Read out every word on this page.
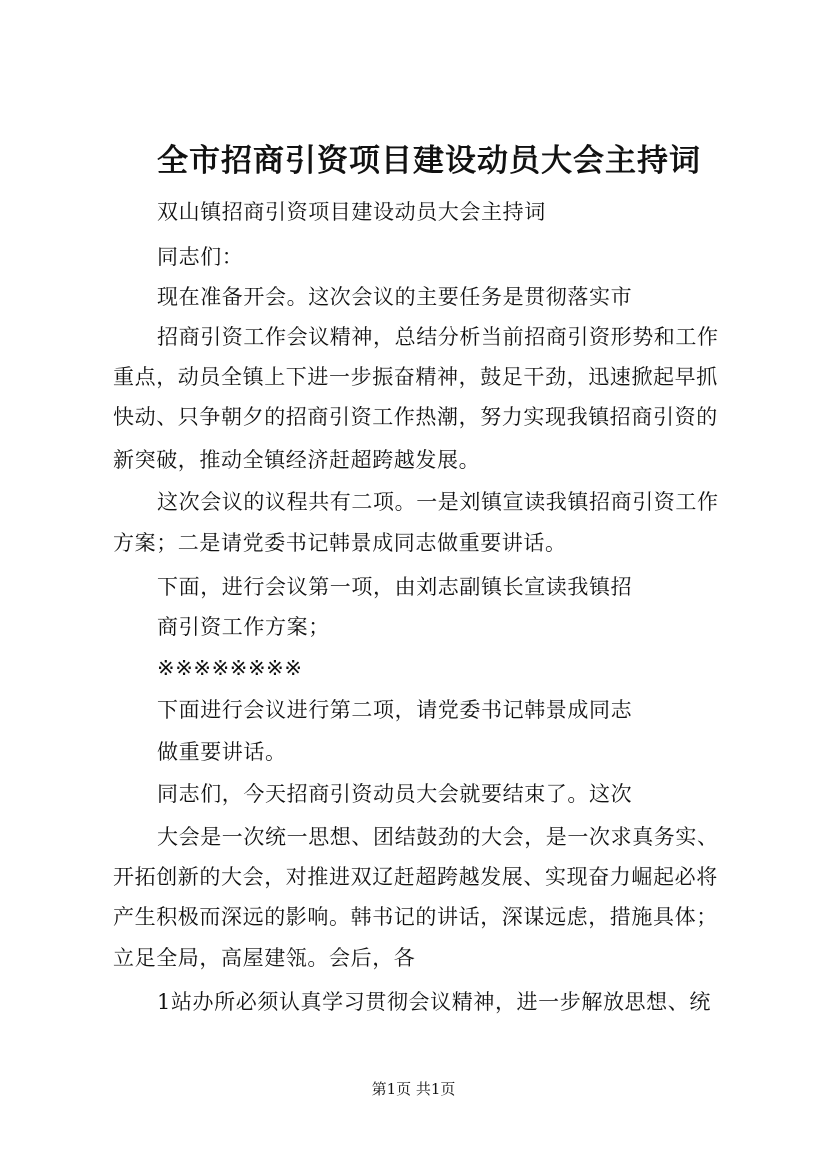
全市招商引资项目建设动员大会主持词
双山镇招商引资项目建设动员大会主持词
同志们：
现在准备开会。这次会议的主要任务是贯彻落实市
招商引资工作会议精神，总结分析当前招商引资形势和工作
重点，动员全镇上下进一步振奋精神，鼓足干劲，迅速掀起早抓
快动、只争朝夕的招商引资工作热潮，努力实现我镇招商引资的
新突破，推动全镇经济赶超跨越发展。
这次会议的议程共有二项。一是刘镇宣读我镇招商引资工作
方案；二是请党委书记韩景成同志做重要讲话。
下面，进行会议第一项，由刘志副镇长宣读我镇招
商引资工作方案；
※※※※※※※※
下面进行会议进行第二项，请党委书记韩景成同志
做重要讲话。
同志们，今天招商引资动员大会就要结束了。这次
大会是一次统一思想、团结鼓劲的大会，是一次求真务实、
开拓创新的大会，对推进双辽赶超跨越发展、实现奋力崛起必将
产生积极而深远的影响。韩书记的讲话，深谋远虑，措施具体；
立足全局，高屋建瓴。会后，各
1站办所必须认真学习贯彻会议精神，进一步解放思想、统
第1页 共1页
